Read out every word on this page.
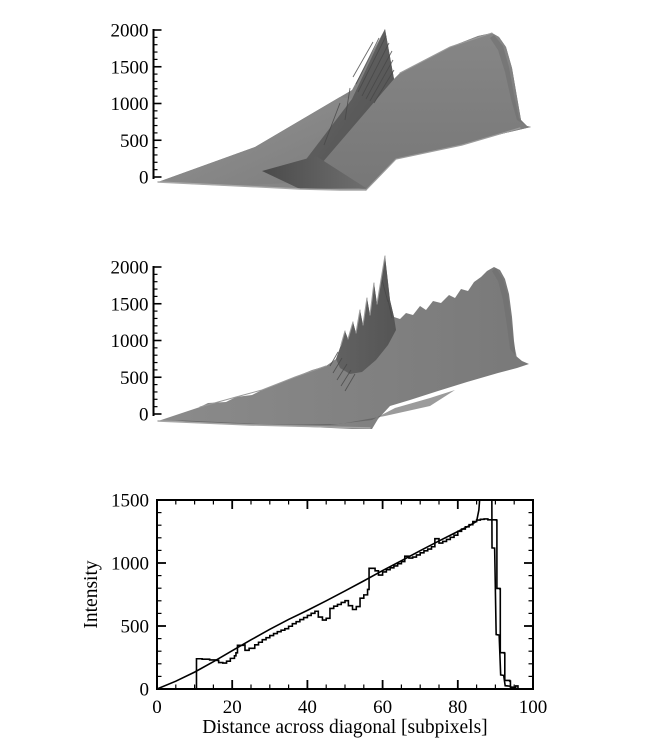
0
500
1000
1500
2000
0
500
1000
1500
2000
0	20	40	60	80	100
0
500
1000
1500
Distance across diagonal [subpixels]
Intensity
